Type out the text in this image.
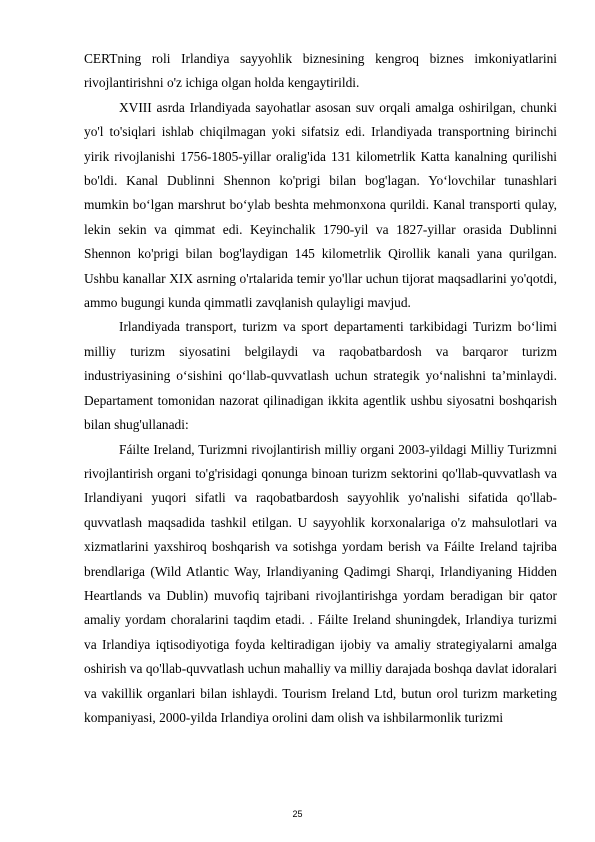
CERTning roli Irlandiya sayyohlik biznesining kengroq biznes imkoniyatlarini rivojlantirishni o'z ichiga olgan holda kengaytirildi.

XVIII asrda Irlandiyada sayohatlar asosan suv orqali amalga oshirilgan, chunki yo'l to'siqlari ishlab chiqilmagan yoki sifatsiz edi. Irlandiyada transportning birinchi yirik rivojlanishi 1756-1805-yillar oralig'ida 131 kilometrlik Katta kanalning qurilishi bo'ldi. Kanal Dublinni Shennon ko'prigi bilan bog'lagan. Yo‘lovchilar tunashlari mumkin bo‘lgan marshrut bo‘ylab beshta mehmonxona qurildi. Kanal transporti qulay, lekin sekin va qimmat edi. Keyinchalik 1790-yil va 1827-yillar orasida Dublinni Shennon ko'prigi bilan bog'laydigan 145 kilometrlik Qirollik kanali yana qurilgan. Ushbu kanallar XIX asrning o'rtalarida temir yo'llar uchun tijorat maqsadlarini yo'qotdi, ammo bugungi kunda qimmatli zavqlanish qulayligi mavjud.

Irlandiyada transport, turizm va sport departamenti tarkibidagi Turizm bo‘limi milliy turizm siyosatini belgilaydi va raqobatbardosh va barqaror turizm industriyasining o‘sishini qo‘llab-quvvatlash uchun strategik yo‘nalishni ta’minlaydi. Departament tomonidan nazorat qilinadigan ikkita agentlik ushbu siyosatni boshqarish bilan shug'ullanadi:

Fáilte Ireland, Turizmni rivojlantirish milliy organi 2003-yildagi Milliy Turizmni rivojlantirish organi to'g'risidagi qonunga binoan turizm sektorini qo'llab-quvvatlash va Irlandiyani yuqori sifatli va raqobatbardosh sayyohlik yo'nalishi sifatida qo'llab-quvvatlash maqsadida tashkil etilgan. U sayyohlik korxonalariga o'z mahsulotlari va xizmatlarini yaxshiroq boshqarish va sotishga yordam berish va Fáilte Ireland tajriba brendlariga (Wild Atlantic Way, Irlandiyaning Qadimgi Sharqi, Irlandiyaning Hidden Heartlands va Dublin) muvofiq tajribani rivojlantirishga yordam beradigan bir qator amaliy yordam choralarini taqdim etadi. . Fáilte Ireland shuningdek, Irlandiya turizmi va Irlandiya iqtisodiyotiga foyda keltiradigan ijobiy va amaliy strategiyalarni amalga oshirish va qo'llab-quvvatlash uchun mahalliy va milliy darajada boshqa davlat idoralari va vakillik organlari bilan ishlaydi. Tourism Ireland Ltd, butun orol turizm marketing kompaniyasi, 2000-yilda Irlandiya orolini dam olish va ishbilarmonlik turizmi

25
